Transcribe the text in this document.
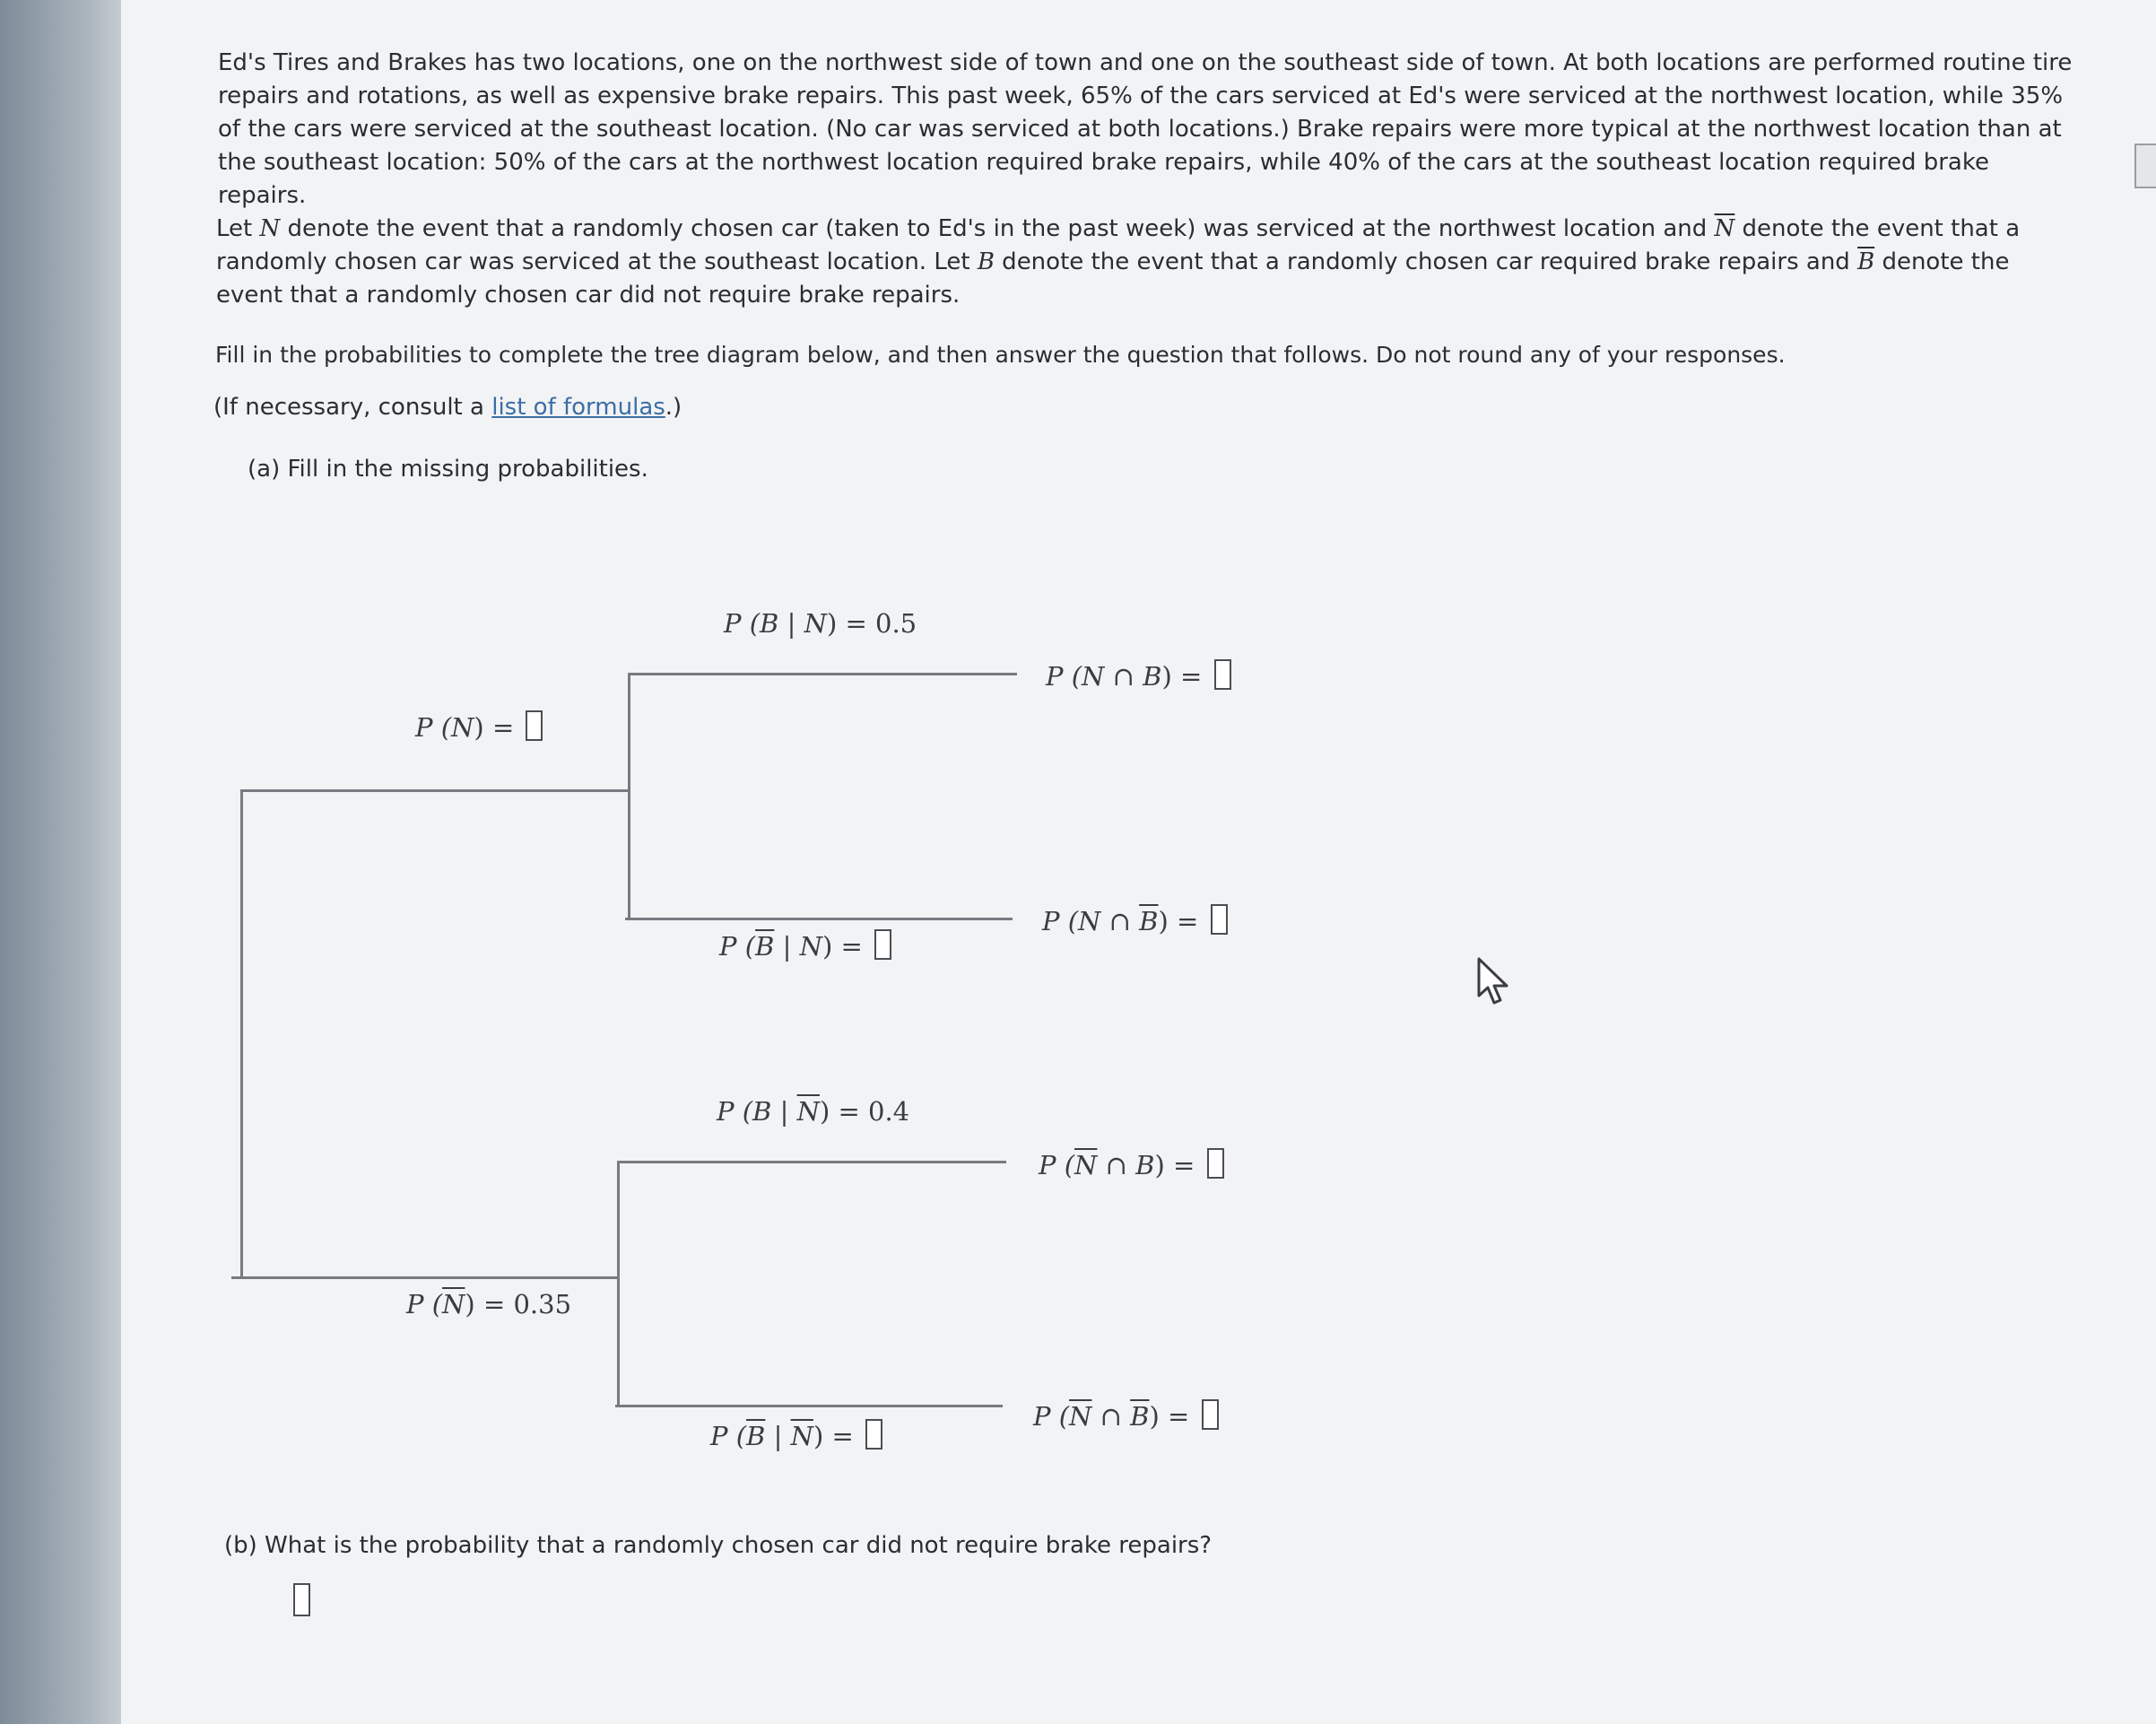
Ed's Tires and Brakes has two locations, one on the northwest side of town and one on the southeast side of town. At both locations are performed routine tire repairs and rotations, as well as expensive brake repairs. This past week, 65% of the cars serviced at Ed's were serviced at the northwest location, while 35% of the cars were serviced at the southeast location. (No car was serviced at both locations.) Brake repairs were more typical at the northwest location than at the southeast location: 50% of the cars at the northwest location required brake repairs, while 40% of the cars at the southeast location required brake repairs.

Let N denote the event that a randomly chosen car (taken to Ed's in the past week) was serviced at the northwest location and $\overline{N}$ denote the event that a randomly chosen car was serviced at the southeast location. Let B denote the event that a randomly chosen car required brake repairs and $\overline{B}$ denote the event that a randomly chosen car did not require brake repairs.

Fill in the probabilities to complete the tree diagram below, and then answer the question that follows. Do not round any of your responses.
(If necessary, consult a list of formulas.)
(a) Fill in the missing probabilities.
P (N) =
P $(\overline{N}) = 0.35$
P (B | N) = 0.5
P ($\overline{B}$ | N) =
P (B | $\overline{N}) = 0.4$
P ($\overline{B}$ | $\overline{N}$) =
P (N ∩ B) =
P (N ∩ $\overline{B}$) =
P ($\overline{N}$ ∩ B) =
P ($\overline{N}$ ∩ $\overline{B}$) =
(b) What is the probability that a randomly chosen car did not require brake repairs?
